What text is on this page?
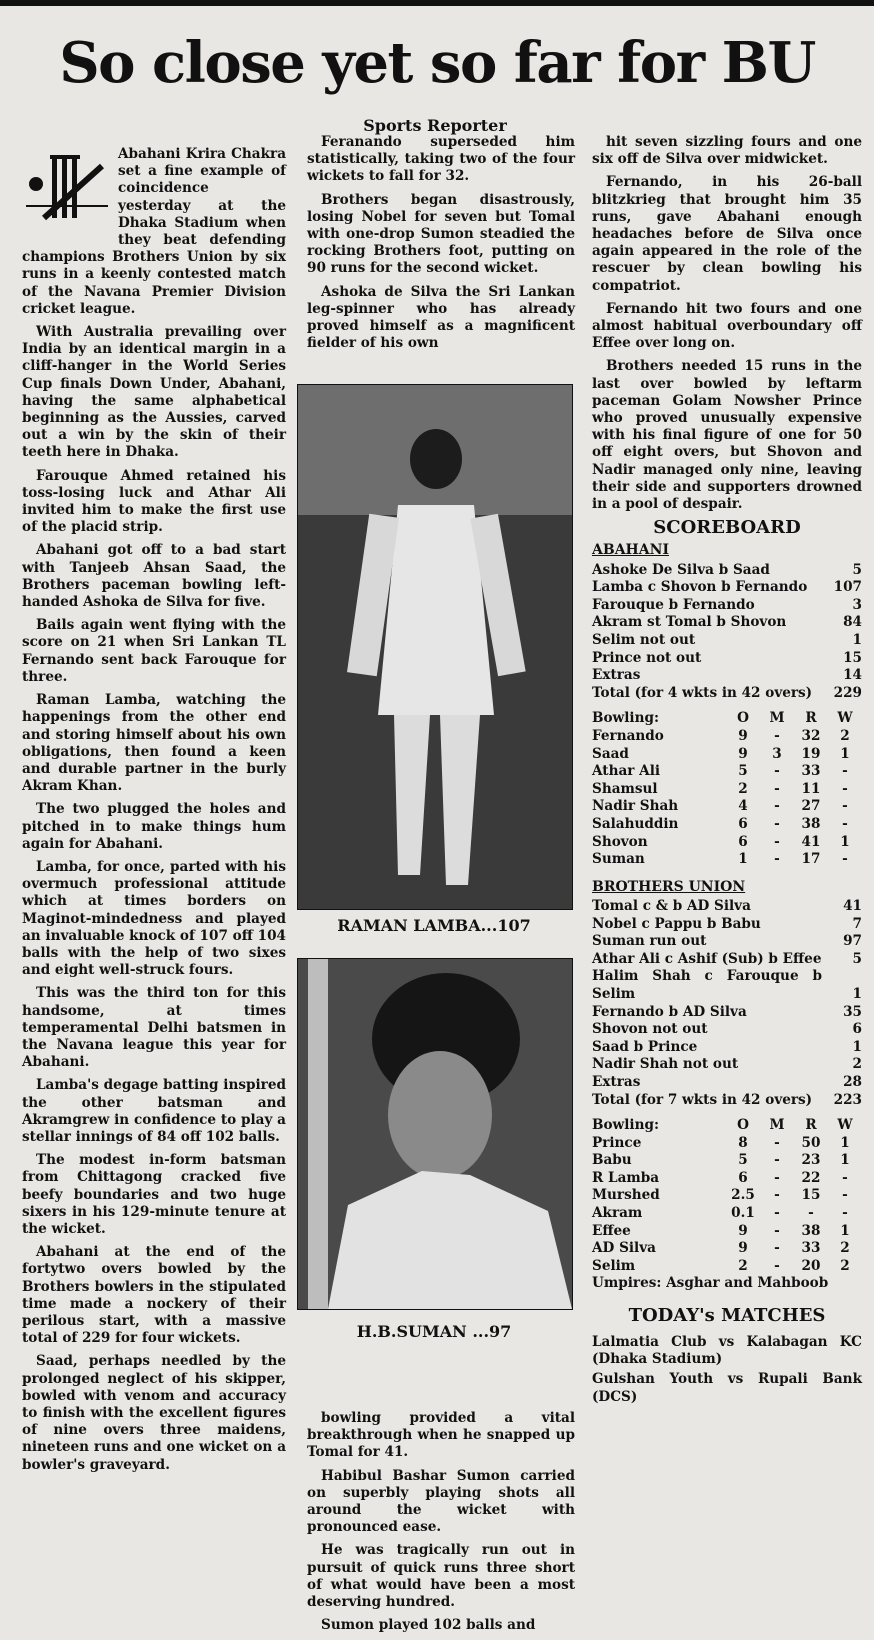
So close yet so far for BU
Sports Reporter

Abahani Krira Chakra set a fine example of coincidence yesterday at the Dhaka Stadium when they beat defending champions Brothers Union by six runs in a keenly contested match of the Navana Premier Division cricket league.

With Australia prevailing over India by an identical margin in a cliff-hanger in the World Series Cup finals Down Under, Abahani, having the same alphabetical beginning as the Aussies, carved out a win by the skin of their teeth here in Dhaka.

Farouque Ahmed retained his toss-losing luck and Athar Ali invited him to make the first use of the placid strip.

Abahani got off to a bad start with Tanjeeb Ahsan Saad, the Brothers paceman bowling left-handed Ashoka de Silva for five.

Bails again went flying with the score on 21 when Sri Lankan TL Fernando sent back Farouque for three.

Raman Lamba, watching the happenings from the other end and storing himself about his own obligations, then found a keen and durable partner in the burly Akram Khan.

The two plugged the holes and pitched in to make things hum again for Abahani.

Lamba, for once, parted with his overmuch professional attitude which at times borders on Maginot-mindedness and played an invaluable knock of 107 off 104 balls with the help of two sixes and eight well-struck fours.

This was the third ton for this handsome, at times temperamental Delhi batsmen in the Navana league this year for Abahani.

Lamba's degage batting inspired the other batsman and Akramgrew in confidence to play a stellar innings of 84 off 102 balls.

The modest in-form batsman from Chittagong cracked five beefy boundaries and two huge sixers in his 129-minute tenure at the wicket.

Abahani at the end of the fortytwo overs bowled by the Brothers bowlers in the stipulated time made a nockery of their perilous start, with a massive total of 229 for four wickets.

Saad, perhaps needled by the prolonged neglect of his skipper, bowled with venom and accuracy to finish with the excellent figures of nine overs three maidens, nineteen runs and one wicket on a bowler's graveyard.

Feranando superseded him statistically, taking two of the four wickets to fall for 32.

Brothers began disastrously, losing Nobel for seven but Tomal with one-drop Sumon steadied the rocking Brothers foot, putting on 90 runs for the second wicket.

Ashoka de Silva the Sri Lankan leg-spinner who has already proved himself as a magnificent fielder of his own

RAMAN LAMBA...107
H.B.SUMAN ...97

bowling provided a vital breakthrough when he snapped up Tomal for 41.

Habibul Bashar Sumon carried on superbly playing shots all around the wicket with pronounced ease.

He was tragically run out in pursuit of quick runs three short of what would have been a most deserving hundred.

Sumon played 102 balls and

hit seven sizzling fours and one six off de Silva over midwicket.

Fernando, in his 26-ball blitzkrieg that brought him 35 runs, gave Abahani enough headaches before de Silva once again appeared in the role of the rescuer by clean bowling his compatriot.

Fernando hit two fours and one almost habitual overboundary off Effee over long on.

Brothers needed 15 runs in the last over bowled by leftarm paceman Golam Nowsher Prince who proved unusually expensive with his final figure of one for 50 off eight overs, but Shovon and Nadir managed only nine, leaving their side and supporters drowned in a pool of despair.

SCOREBOARD
ABAHANI
Ashoke De Silva b Saad	5
Lamba c Shovon b Fernando	107
Farouque b Fernando	3
Akram st Tomal b Shovon	84
Selim not out	1
Prince not out	15
Extras	14
Total (for 4 wkts in 42 overs)	229
Bowling:	O	M	R	W
Fernando	9	-	32	2
Saad	9	3	19	1
Athar Ali	5	-	33	-
Shamsul	2	-	11	-
Nadir Shah	4	-	27	-
Salahuddin	6	-	38	-
Shovon	6	-	41	1
Suman	1	-	17	-
BROTHERS UNION
Tomal c & b AD Silva	41
Nobel c Pappu b Babu	7
Suman run out	97
Athar Ali c Ashif (Sub) b Effee	5
Halim Shah c Farouque b Selim	1
Fernando b AD Silva	35
Shovon not out	6
Saad b Prince	1
Nadir Shah not out	2
Extras	28
Total (for 7 wkts in 42 overs)	223
Bowling:	O	M	R	W
Prince	8	-	50	1
Babu	5	-	23	1
R Lamba	6	-	22	-
Murshed	2.5	-	15	-
Akram	0.1	-	-	-
Effee	9	-	38	1
AD Silva	9	-	33	2
Selim	2	-	20	2
Umpires: Asghar and Mahboob
TODAY's MATCHES
Lalmatia Club vs Kalabagan KC (Dhaka Stadium)
Gulshan Youth vs Rupali Bank (DCS)
